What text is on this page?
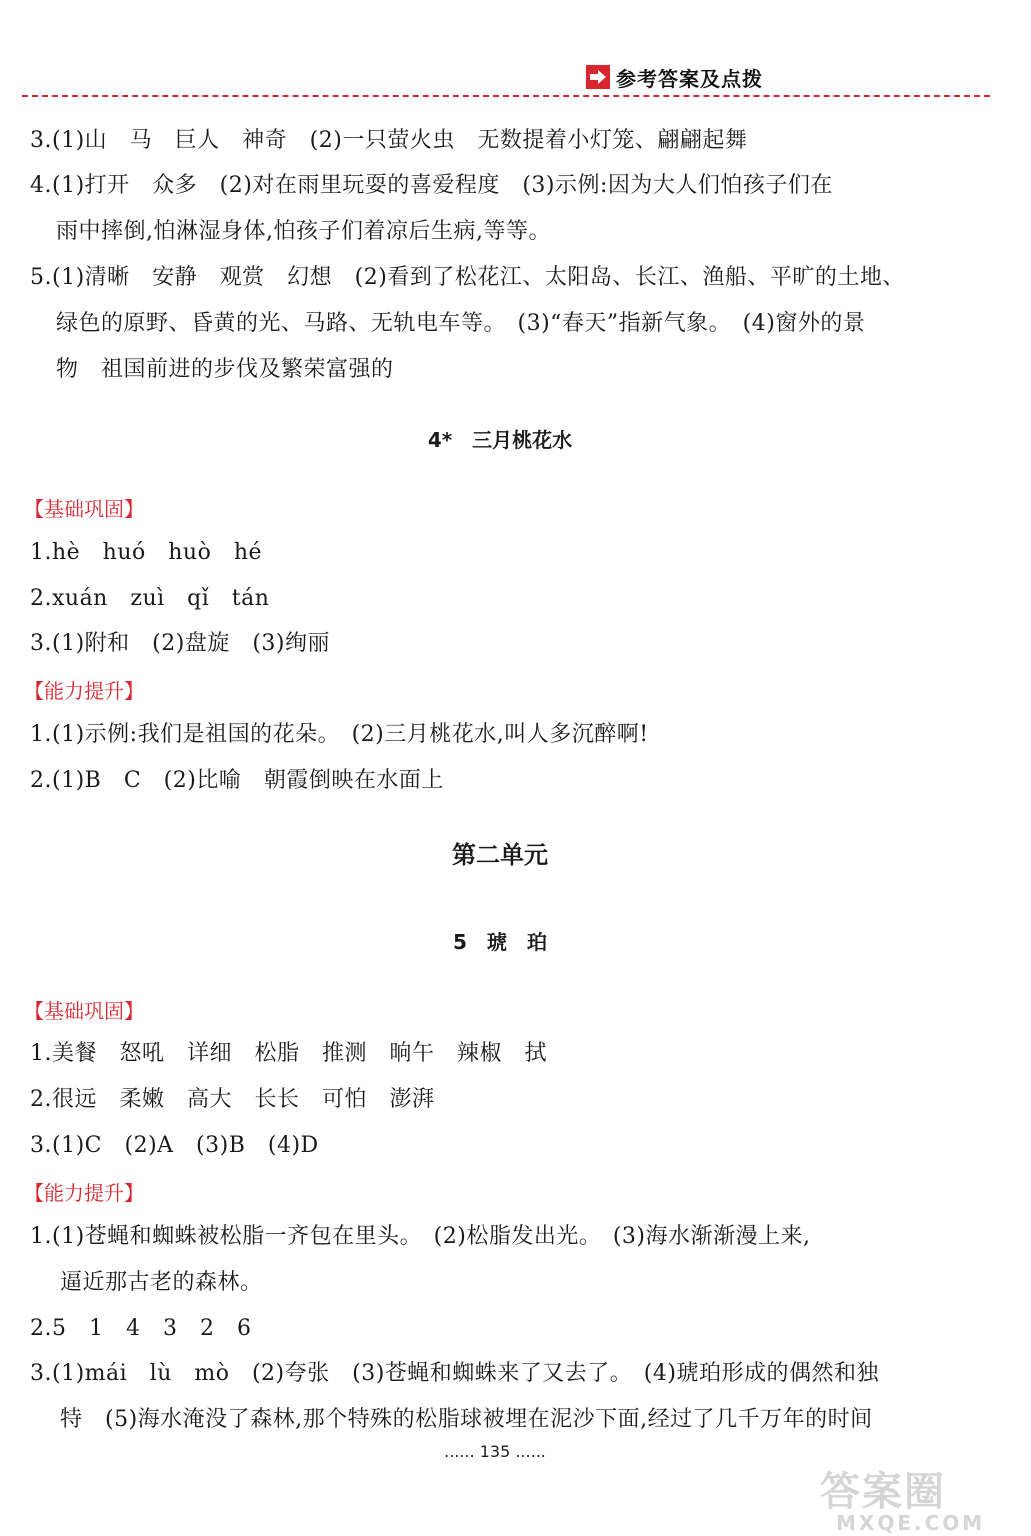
参考答案及点拨
3.(1)山　马　巨人　神奇　(2)一只萤火虫　无数提着小灯笼、翩翩起舞
4.(1)打开　众多　(2)对在雨里玩耍的喜爱程度　(3)示例:因为大人们怕孩子们在
雨中摔倒,怕淋湿身体,怕孩子们着凉后生病,等等。
5.(1)清晰　安静　观赏　幻想　(2)看到了松花江、太阳岛、长江、渔船、平旷的土地、
绿色的原野、昏黄的光、马路、无轨电车等。　(3)“春天”指新气象。　(4)窗外的景
物　祖国前进的步伐及繁荣富强的
4*　三月桃花水
【基础巩固】
1.hè　huó　huò　hé
2.xuán　zuì　qǐ　tán
3.(1)附和　(2)盘旋　(3)绚丽
【能力提升】
1.(1)示例:我们是祖国的花朵。　(2)三月桃花水,叫人多沉醉啊!
2.(1)B　C　(2)比喻　朝霞倒映在水面上
第二单元
5　琥　珀
【基础巩固】
1.美餐　怒吼　详细　松脂　推测　晌午　辣椒　拭
2.很远　柔嫩　高大　长长　可怕　澎湃
3.(1)C　(2)A　(3)B　(4)D
【能力提升】
1.(1)苍蝇和蜘蛛被松脂一齐包在里头。　(2)松脂发出光。　(3)海水渐渐漫上来,
逼近那古老的森林。
2.5　1　4　3　2　6
3.(1)mái　lù　mò　(2)夸张　(3)苍蝇和蜘蛛来了又去了。　(4)琥珀形成的偶然和独
特　(5)海水淹没了森林,那个特殊的松脂球被埋在泥沙下面,经过了几千万年的时间
...... 135 ......
答案圈
MXQE.COM
